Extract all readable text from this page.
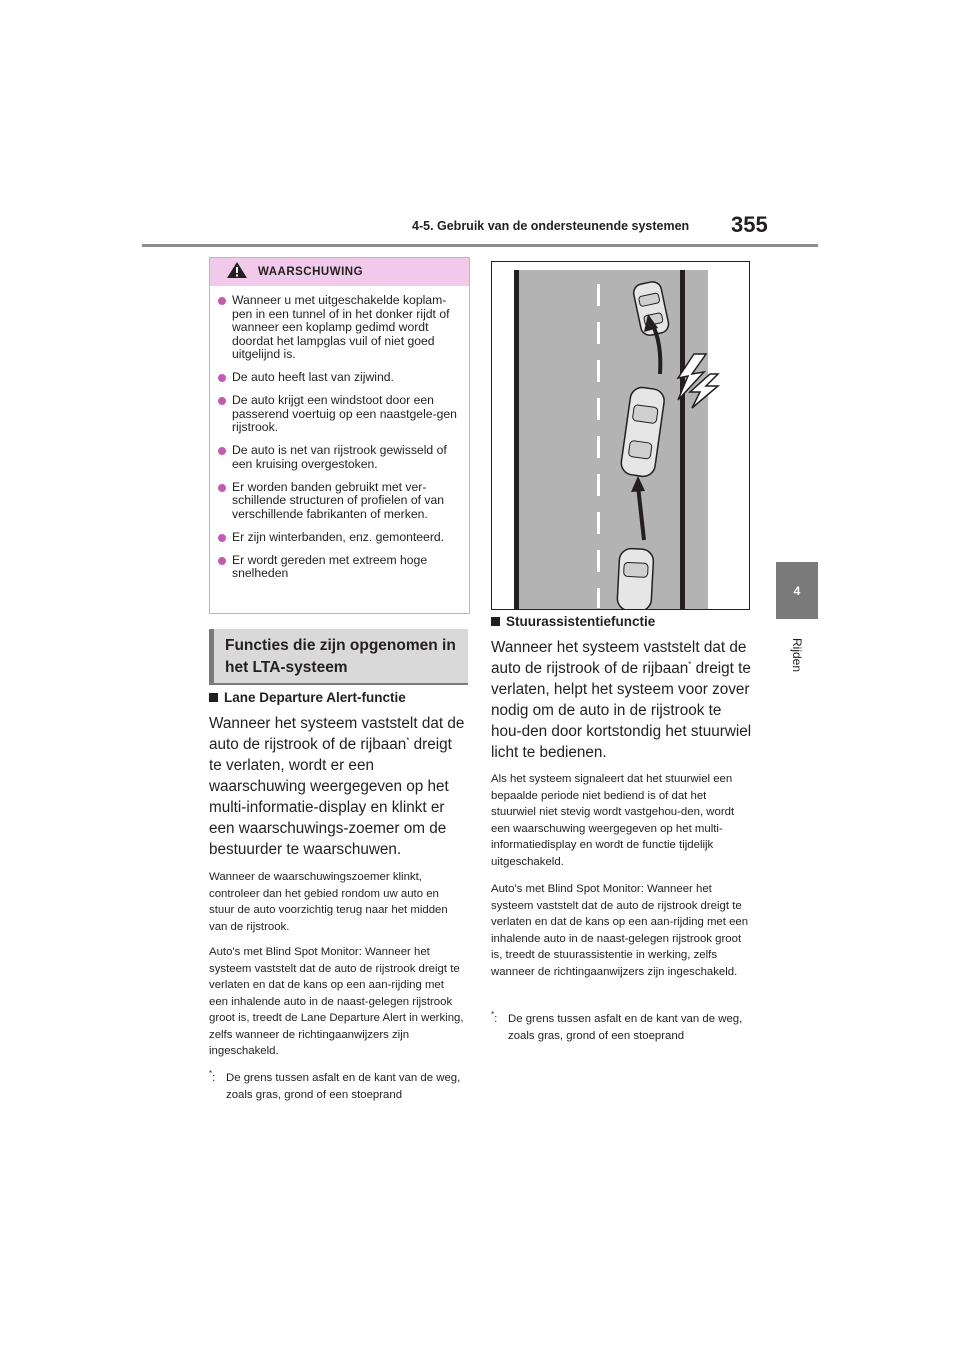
4-5. Gebruik van de ondersteunende systemen 355
4
Rijden
WAARSCHUWING
Wanneer u met uitgeschakelde koplam-pen in een tunnel of in het donker rijdt of wanneer een koplamp gedimd wordt doordat het lampglas vuil of niet goed uitgelijnd is.
De auto heeft last van zijwind.
De auto krijgt een windstoot door een passerend voertuig op een naastgele-gen rijstrook.
De auto is net van rijstrook gewisseld of een kruising overgestoken.
Er worden banden gebruikt met ver-schillende structuren of profielen of van verschillende fabrikanten of merken.
Er zijn winterbanden, enz. gemonteerd.
Er wordt gereden met extreem hoge snelheden
Functies die zijn opgenomen in het LTA-systeem
Lane Departure Alert-functie
Wanneer het systeem vaststelt dat de auto de rijstrook of de rijbaan* dreigt te verlaten, wordt er een waarschuwing weergegeven op het multi-informatie-display en klinkt er een waarschuwings-zoemer om de bestuurder te waarschuwen.
Wanneer de waarschuwingszoemer klinkt, controleer dan het gebied rondom uw auto en stuur de auto voorzichtig terug naar het midden van de rijstrook.
Auto's met Blind Spot Monitor: Wanneer het systeem vaststelt dat de auto de rijstrook dreigt te verlaten en dat de kans op een aan-rijding met een inhalende auto in de naast-gelegen rijstrook groot is, treedt de Lane Departure Alert in werking, zelfs wanneer de richtingaanwijzers zijn ingeschakeld.
*: De grens tussen asfalt en de kant van de weg, zoals gras, grond of een stoeprand
Stuurassistentiefunctie
Wanneer het systeem vaststelt dat de auto de rijstrook of de rijbaan* dreigt te verlaten, helpt het systeem voor zover nodig om de auto in de rijstrook te hou-den door kortstondig het stuurwiel licht te bedienen.
Als het systeem signaleert dat het stuurwiel een bepaalde periode niet bediend is of dat het stuurwiel niet stevig wordt vastgehou-den, wordt een waarschuwing weergegeven op het multi-informatiedisplay en wordt de functie tijdelijk uitgeschakeld.
Auto's met Blind Spot Monitor: Wanneer het systeem vaststelt dat de auto de rijstrook dreigt te verlaten en dat de kans op een aan-rijding met een inhalende auto in de naast-gelegen rijstrook groot is, treedt de stuurassistentie in werking, zelfs wanneer de richtingaanwijzers zijn ingeschakeld.
*: De grens tussen asfalt en de kant van de weg, zoals gras, grond of een stoeprand
